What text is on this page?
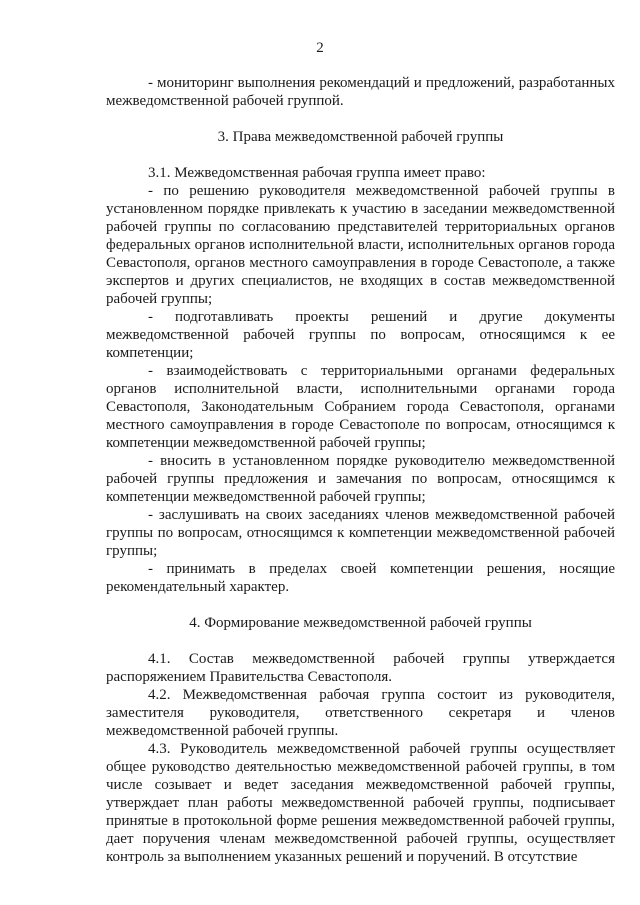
2

- мониторинг выполнения рекомендаций и предложений, разработанных межведомственной рабочей группой.

3. Права межведомственной рабочей группы

3.1. Межведомственная рабочая группа имеет право:

- по решению руководителя межведомственной рабочей группы в установленном порядке привлекать к участию в заседании межведомственной рабочей группы по согласованию представителей территориальных органов федеральных органов исполнительной власти, исполнительных органов города Севастополя, органов местного самоуправления в городе Севастополе, а также экспертов и других специалистов, не входящих в состав межведомственной рабочей группы;

- подготавливать проекты решений и другие документы межведомственной рабочей группы по вопросам, относящимся к ее компетенции;

- взаимодействовать с территориальными органами федеральных органов исполнительной власти, исполнительными органами города Севастополя, Законодательным Собранием города Севастополя, органами местного самоуправления в городе Севастополе по вопросам, относящимся к компетенции межведомственной рабочей группы;

- вносить в установленном порядке руководителю межведомственной рабочей группы предложения и замечания по вопросам, относящимся к компетенции межведомственной рабочей группы;

- заслушивать на своих заседаниях членов межведомственной рабочей группы по вопросам, относящимся к компетенции межведомственной рабочей группы;

- принимать в пределах своей компетенции решения, носящие рекомендательный характер.

4. Формирование межведомственной рабочей группы

4.1. Состав межведомственной рабочей группы утверждается распоряжением Правительства Севастополя.

4.2. Межведомственная рабочая группа состоит из руководителя, заместителя руководителя, ответственного секретаря и членов межведомственной рабочей группы.

4.3. Руководитель межведомственной рабочей группы осуществляет общее руководство деятельностью межведомственной рабочей группы, в том числе созывает и ведет заседания межведомственной рабочей группы, утверждает план работы межведомственной рабочей группы, подписывает принятые в протокольной форме решения межведомственной рабочей группы, дает поручения членам межведомственной рабочей группы, осуществляет контроль за выполнением указанных решений и поручений. В отсутствие
